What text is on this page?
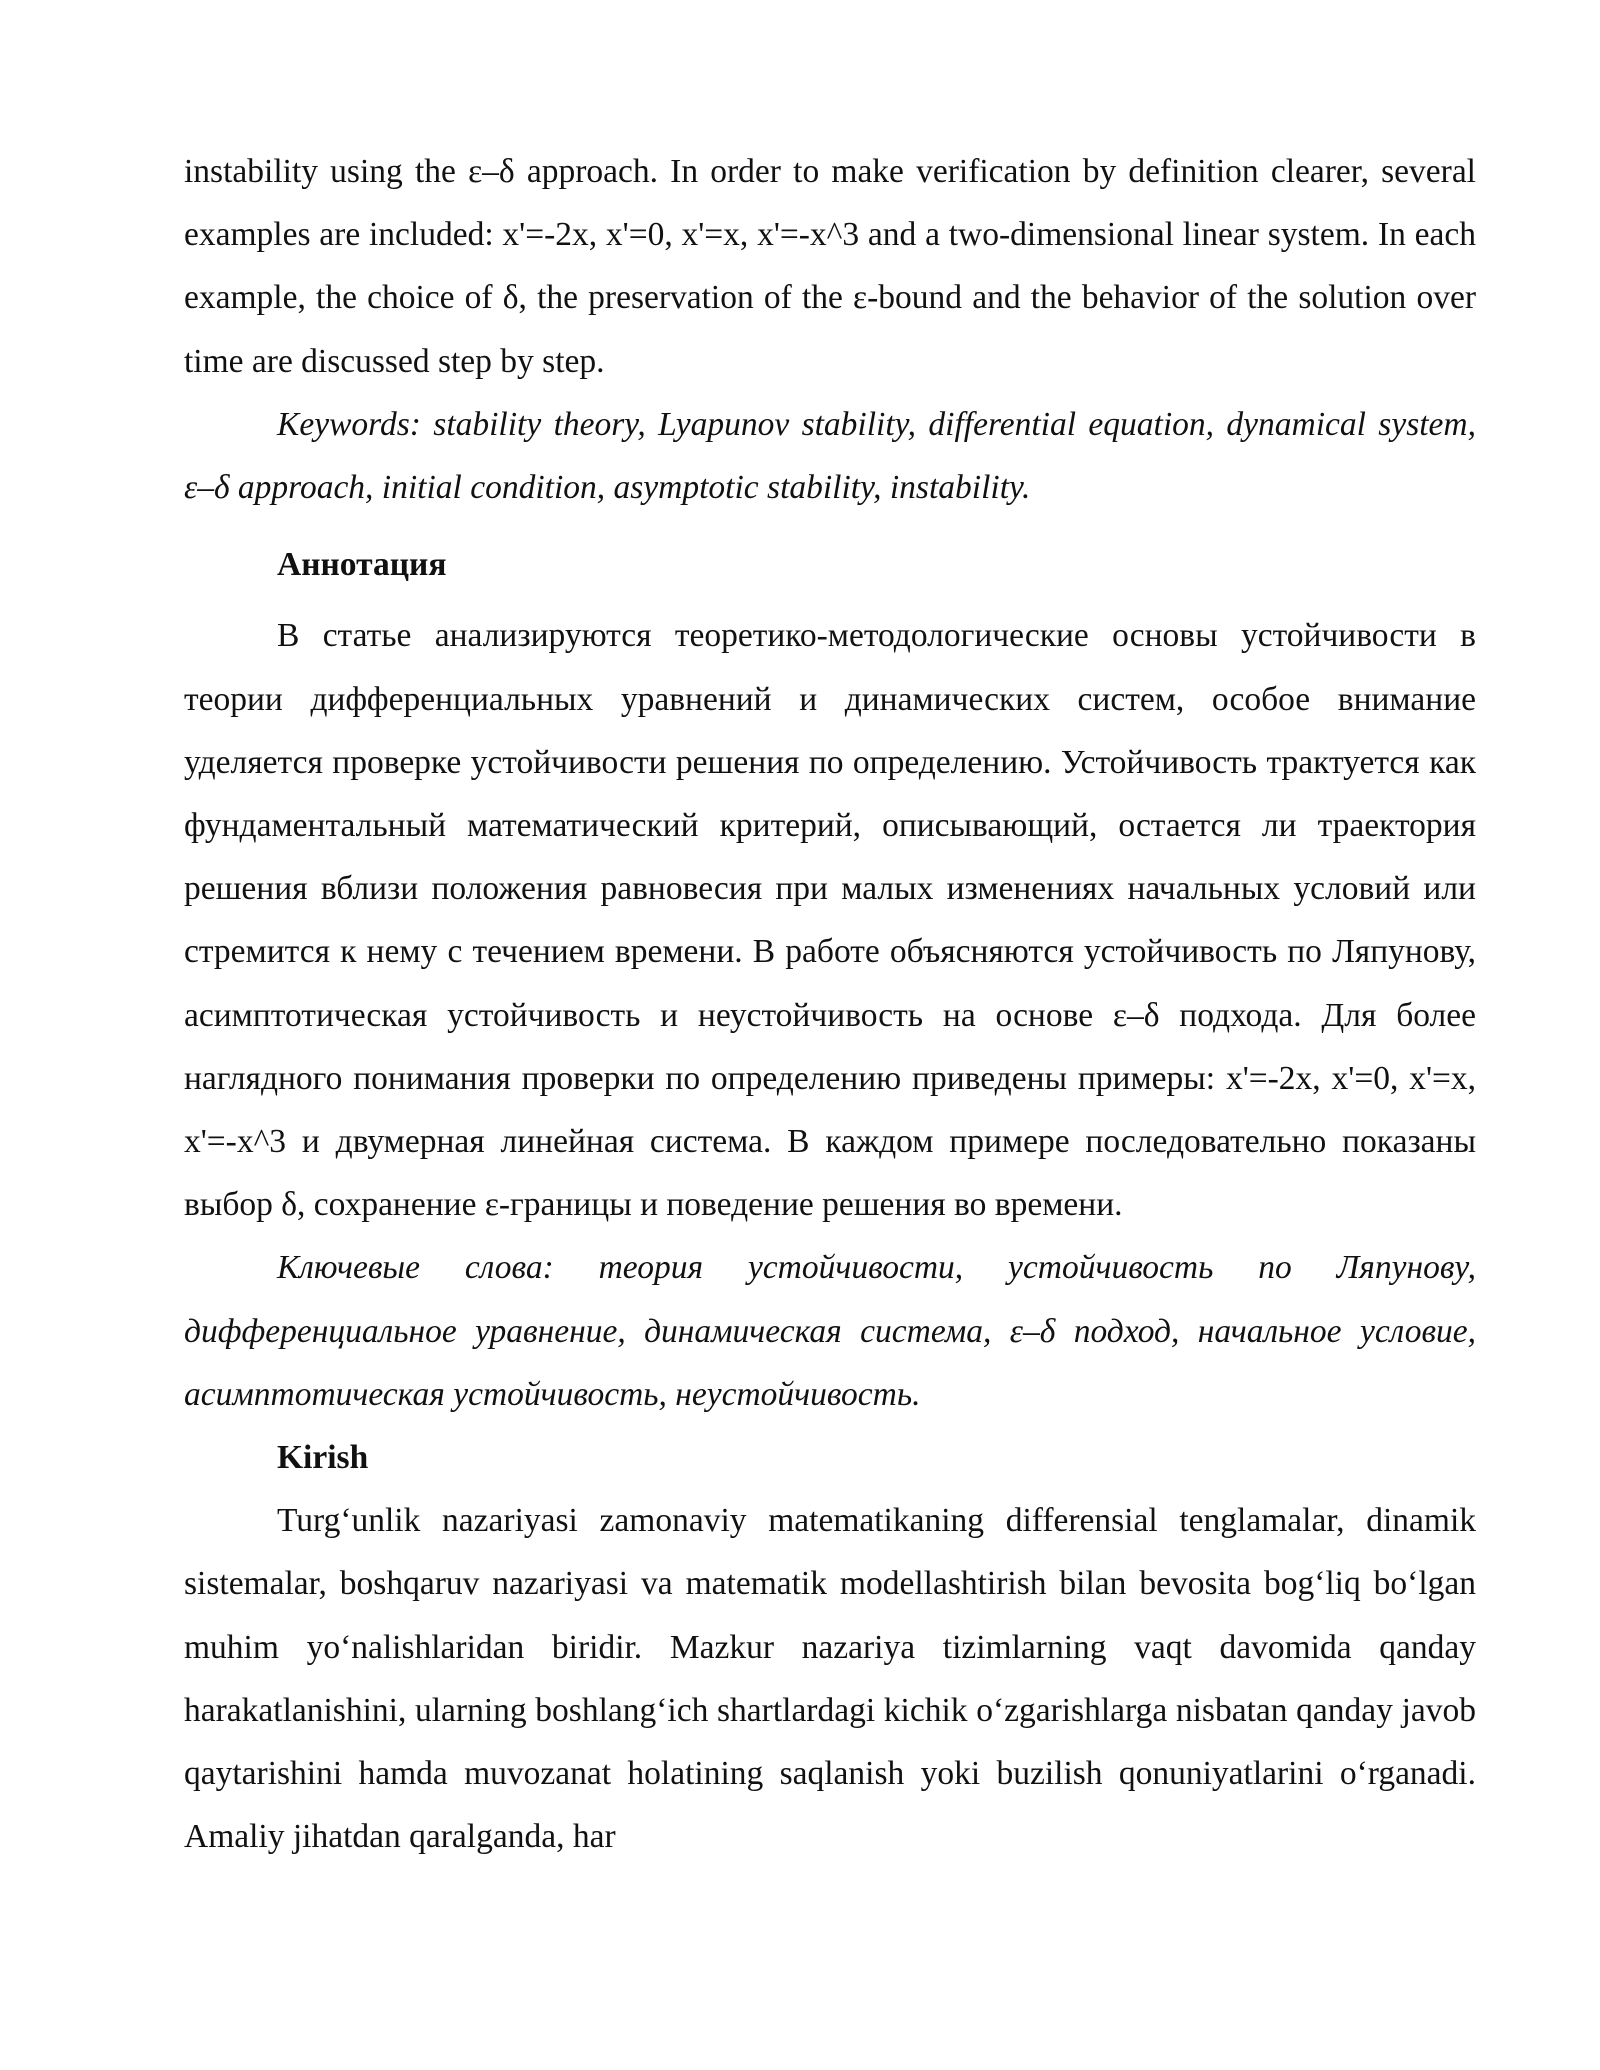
instability using the ε–δ approach. In order to make verification by definition clearer, several examples are included: x'=-2x, x'=0, x'=x, x'=-x^3 and a two-dimensional linear system. In each example, the choice of δ, the preservation of the ε-bound and the behavior of the solution over time are discussed step by step.

Keywords: stability theory, Lyapunov stability, differential equation, dynamical system, ε–δ approach, initial condition, asymptotic stability, instability.

Аннотация

В статье анализируются теоретико-методологические основы устойчивости в теории дифференциальных уравнений и динамических систем, особое внимание уделяется проверке устойчивости решения по определению. Устойчивость трактуется как фундаментальный математический критерий, описывающий, остается ли траектория решения вблизи положения равновесия при малых изменениях начальных условий или стремится к нему с течением времени. В работе объясняются устойчивость по Ляпунову, асимптотическая устойчивость и неустойчивость на основе ε–δ подхода. Для более наглядного понимания проверки по определению приведены примеры: x'=-2x, x'=0, x'=x, x'=-x^3 и двумерная линейная система. В каждом примере последовательно показаны выбор δ, сохранение ε-границы и поведение решения во времени.

Ключевые слова: теория устойчивости, устойчивость по Ляпунову, дифференциальное уравнение, динамическая система, ε–δ подход, начальное условие, асимптотическая устойчивость, неустойчивость.

Kirish

Turg‘unlik nazariyasi zamonaviy matematikaning differensial tenglamalar, dinamik sistemalar, boshqaruv nazariyasi va matematik modellashtirish bilan bevosita bog‘liq bo‘lgan muhim yo‘nalishlaridan biridir. Mazkur nazariya tizimlarning vaqt davomida qanday harakatlanishini, ularning boshlang‘ich shartlardagi kichik o‘zgarishlarga nisbatan qanday javob qaytarishini hamda muvozanat holatining saqlanish yoki buzilish qonuniyatlarini o‘rganadi. Amaliy jihatdan qaralganda, har
